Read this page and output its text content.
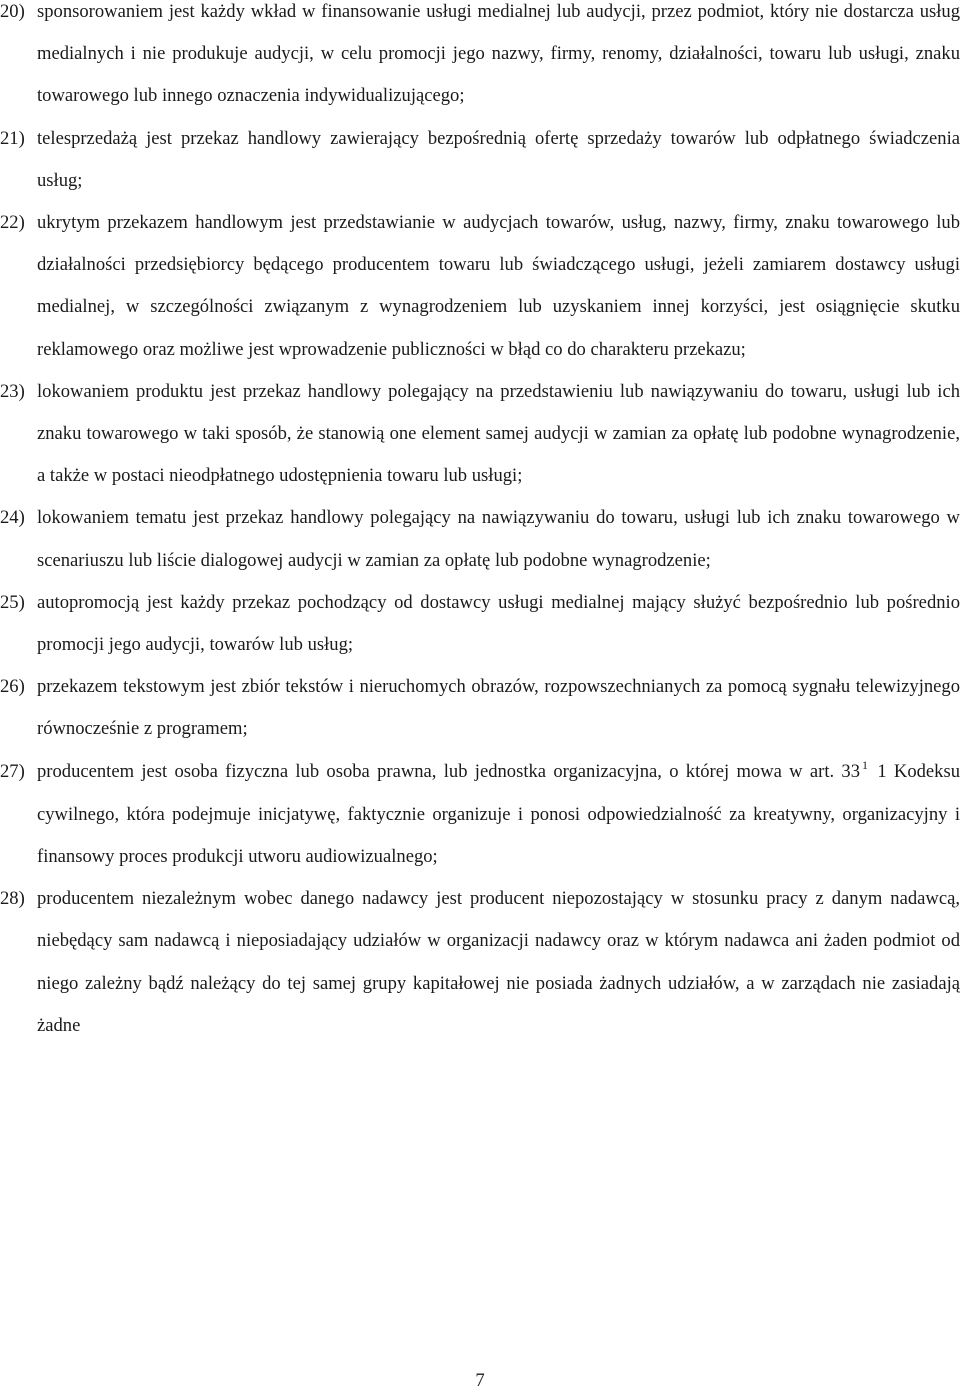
20) sponsorowaniem jest każdy wkład w finansowanie usługi medialnej lub audycji, przez podmiot, który nie dostarcza usług medialnych i nie produkuje audycji, w celu promocji jego nazwy, firmy, renomy, działalności, towaru lub usługi, znaku towarowego lub innego oznaczenia indywidualizującego;
21) telesprzedażą jest przekaz handlowy zawierający bezpośrednią ofertę sprzedaży towarów lub odpłatnego świadczenia usług;
22) ukrytym przekazem handlowym jest przedstawianie w audycjach towarów, usług, nazwy, firmy, znaku towarowego lub działalności przedsiębiorcy będącego producentem towaru lub świadczącego usługi, jeżeli zamiarem dostawcy usługi medialnej, w szczególności związanym z wynagrodzeniem lub uzyskaniem innej korzyści, jest osiągnięcie skutku reklamowego oraz możliwe jest wprowadzenie publiczności w błąd co do charakteru przekazu;
23) lokowaniem produktu jest przekaz handlowy polegający na przedstawieniu lub nawiązywaniu do towaru, usługi lub ich znaku towarowego w taki sposób, że stanowią one element samej audycji w zamian za opłatę lub podobne wynagrodzenie, a także w postaci nieodpłatnego udostępnienia towaru lub usługi;
24) lokowaniem tematu jest przekaz handlowy polegający na nawiązywaniu do towaru, usługi lub ich znaku towarowego w scenariuszu lub liście dialogowej audycji w zamian za opłatę lub podobne wynagrodzenie;
25) autopromocją jest każdy przekaz pochodzący od dostawcy usługi medialnej mający służyć bezpośrednio lub pośrednio promocji jego audycji, towarów lub usług;
26) przekazem tekstowym jest zbiór tekstów i nieruchomych obrazów, rozpowszechnianych za pomocą sygnału telewizyjnego równocześnie z programem;
27) producentem jest osoba fizyczna lub osoba prawna, lub jednostka organizacyjna, o której mowa w art. 33 $^1$ 1 Kodeksu cywilnego, która podejmuje inicjatywę, faktycznie organizuje i ponosi odpowiedzialność za kreatywny, organizacyjny i finansowy proces produkcji utworu audiowizualnego;
28) producentem niezależnym wobec danego nadawcy jest producent niepozostający w stosunku pracy z danym nadawcą, niebędący sam nadawcą i nieposiadający udziałów w organizacji nadawcy oraz w którym nadawca ani żaden podmiot od niego zależny bądź należący do tej samej grupy kapitałowej nie posiada żadnych udziałów, a w zarządach nie zasiadają żadne
7
